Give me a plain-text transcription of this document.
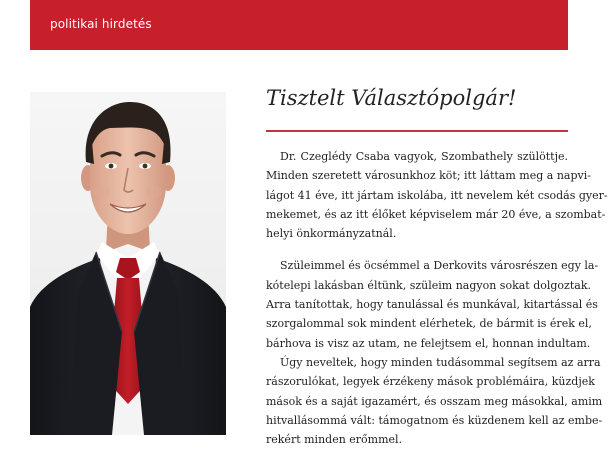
politikai hirdetés
Tisztelt Választópolgár!
Dr. Czeglédy Csaba vagyok, Szombathely szülöttje.
Minden szeretett városunkhoz köt; itt láttam meg a napvi-
lágot 41 éve, itt jártam iskolába, itt nevelem két csodás gyer-
mekemet, és az itt élőket képviselem már 20 éve, a szombat-
helyi önkormányzatnál.
Szüleimmel és öcsémmel a Derkovits városrészen egy la-
kótelepi lakásban éltünk, szüleim nagyon sokat dolgoztak.
Arra tanítottak, hogy tanulással és munkával, kitartással és
szorgalommal sok mindent elérhetek, de bármit is érek el,
bárhova is visz az utam, ne felejtsem el, honnan indultam.
Úgy neveltek, hogy minden tudásommal segítsem az arra
rászorulókat, legyek érzékeny mások problémáira, küzdjek
mások és a saját igazamért, és osszam meg másokkal, amim
hitvallásommá vált: támogatnom és küzdenem kell az embe-
rekért minden erőmmel.
